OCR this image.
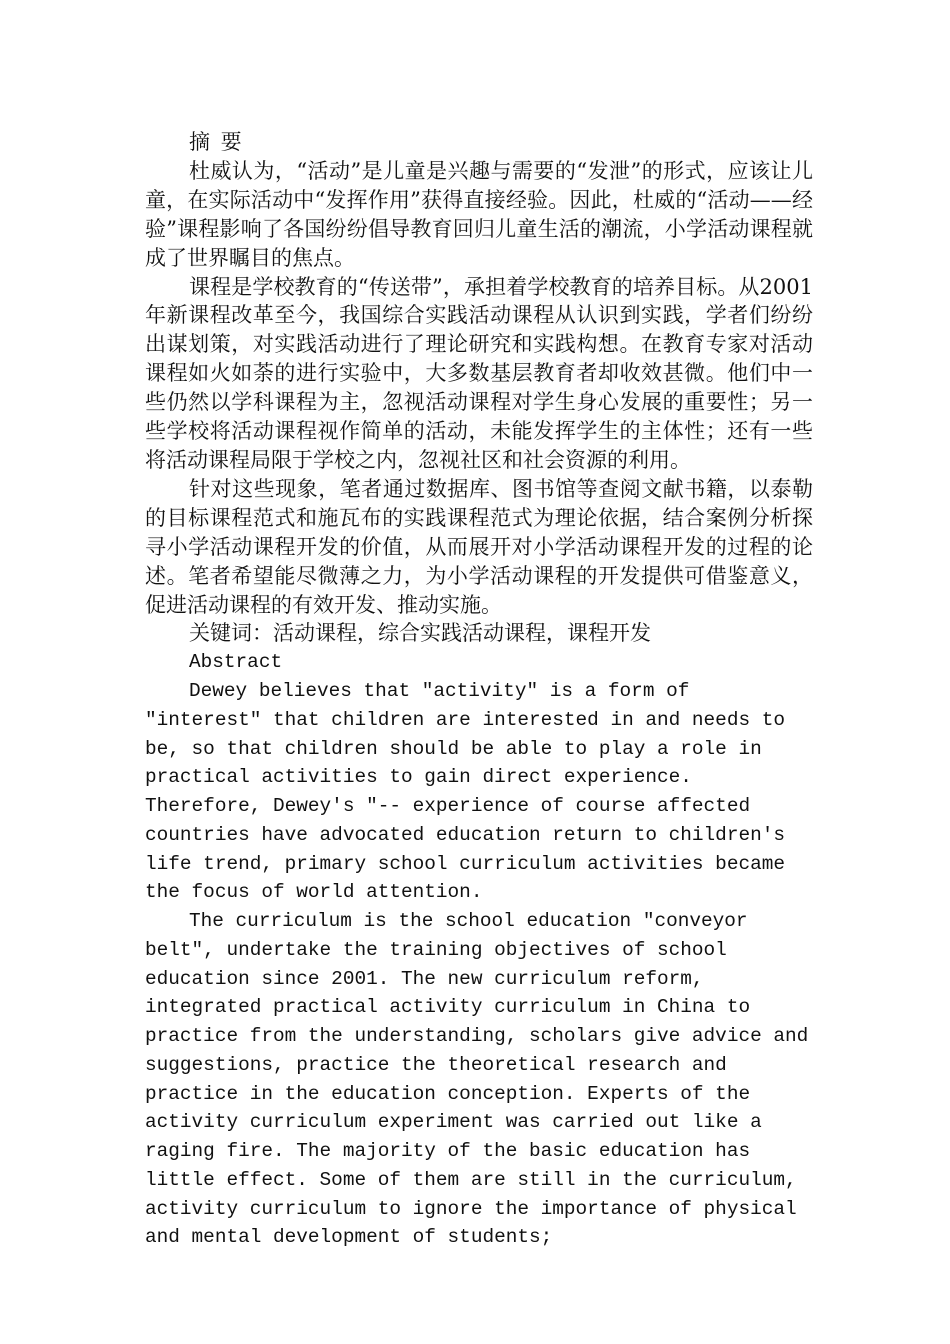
摘 要

杜威认为，“活动”是儿童是兴趣与需要的“发泄”的形式，应该让儿童，在实际活动中“发挥作用”获得直接经验。因此，杜威的“活动——经验”课程影响了各国纷纷倡导教育回归儿童生活的潮流，小学活动课程就成了世界瞩目的焦点。

课程是学校教育的“传送带”，承担着学校教育的培养目标。从2001年新课程改革至今，我国综合实践活动课程从认识到实践，学者们纷纷出谋划策，对实践活动进行了理论研究和实践构想。在教育专家对活动课程如火如荼的进行实验中，大多数基层教育者却收效甚微。他们中一些仍然以学科课程为主，忽视活动课程对学生身心发展的重要性；另一些学校将活动课程视作简单的活动，未能发挥学生的主体性；还有一些将活动课程局限于学校之内，忽视社区和社会资源的利用。

针对这些现象，笔者通过数据库、图书馆等查阅文献书籍，以泰勒的目标课程范式和施瓦布的实践课程范式为理论依据，结合案例分析探寻小学活动课程开发的价值，从而展开对小学活动课程开发的过程的论述。笔者希望能尽微薄之力，为小学活动课程的开发提供可借鉴意义，促进活动课程的有效开发、推动实施。

关键词：活动课程，综合实践活动课程，课程开发

Abstract

Dewey believes that "activity" is a form of "interest" that children are interested in and needs to be, so that children should be able to play a role in practical activities to gain direct experience. Therefore, Dewey's "-- experience of course affected countries have advocated education return to children's life trend, primary school curriculum activities became the focus of world attention.

The curriculum is the school education "conveyor belt", undertake the training objectives of school education since 2001. The new curriculum reform, integrated practical activity curriculum in China to practice from the understanding, scholars give advice and suggestions, practice the theoretical research and practice in the education conception. Experts of the activity curriculum experiment was carried out like a raging fire. The majority of the basic education has little effect. Some of them are still in the curriculum, activity curriculum to ignore the importance of physical and mental development of students;
